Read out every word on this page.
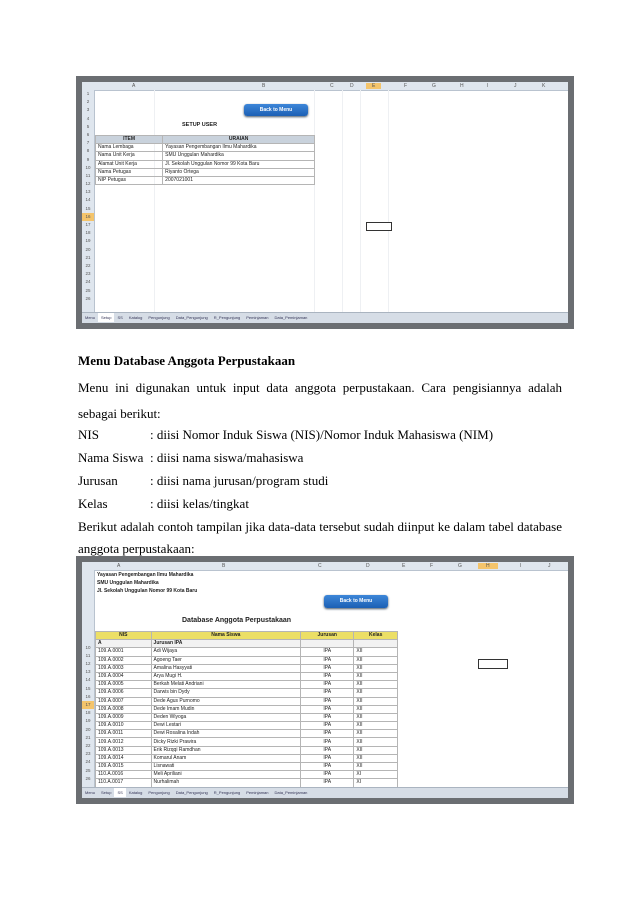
A	B	C	D	E	F	G	H	I	J	K
1
2
3
4
5
6
7
8
9
10
11
12
13
14
15
16
17
18
19
20
21
22
23
24
25
26
Back to Menu
SETUP USER
ITEM	URAIAN
Nama Lembaga	Yayasan Pengembangan Ilmu Mahardika
Nama Unit Kerja	SMU Unggulan Mahardika
Alamat Unit Kerja	Jl. Sekolah Unggulan Nomor 99 Kota Baru
Nama Petugas	Riyanto Ortega
NIP Petugas	2007021001
Menu Setup SS Katalog Pengunjung Data_Pengunjung R_Pengunjung Peminjaman Data_Peminjaman
Menu Database Anggota Perpustakaan
Menu ini digunakan untuk input data anggota perpustakaan. Cara pengisiannya adalah
sebagai berikut:
NIS	: diisi Nomor Induk Siswa (NIS)/Nomor Induk Mahasiswa (NIM)
Nama Siswa : diisi nama siswa/mahasiswa
Jurusan : diisi nama jurusan/program studi
Kelas	: diisi kelas/tingkat
Berikut adalah contoh tampilan jika data-data tersebut sudah diinput ke dalam tabel database
anggota perpustakaan:
A	B	C	D	E	F	G	H	I	J
10
11
12
13
14
15
16
17
18
19
20
21
22
23
24
25
26
Yayasan Pengembangan Ilmu Mahardika
SMU Unggulan Mahardika
Jl. Sekolah Unggulan Nomor 99 Kota Baru
Back to Menu
Database Anggota Perpustakaan
NIS	Nama Siswa	Jurusan	Kelas
A	Jurusan IPA		
109.A.0001	Adi Wijaya	IPA	XII
109.A.0002	Agoeng Taer	IPA	XII
109.A.0003	Amalina Hasyyati	IPA	XII
109.A.0004	Arya Mugi H.	IPA	XII
109.A.0005	Berkah Melati Andriani	IPA	XII
109.A.0006	Darwis bin Dydy	IPA	XII
109.A.0007	Dede Agus Purnomo	IPA	XII
109.A.0008	Dede Imam Mudin	IPA	XII
109.A.0009	Deden Wiyoga	IPA	XII
109.A.0010	Dewi Lestari	IPA	XII
109.A.0011	Dewi Rosalina Indah	IPA	XII
109.A.0012	Dicky Rizki Prawira	IPA	XII
109.A.0013	Erik Rizqqi Ramdhan	IPA	XII
109.A.0014	Komarul Anam	IPA	XII
109.A.0015	Lisnawati	IPA	XII
110.A.0016	Meli Apriliani	IPA	XI
110.A.0017	Nurhalimah	IPA	XI
Menu Setup SS Katalog Pengunjung Data_Pengunjung R_Pengunjung Peminjaman Data_Peminjaman
